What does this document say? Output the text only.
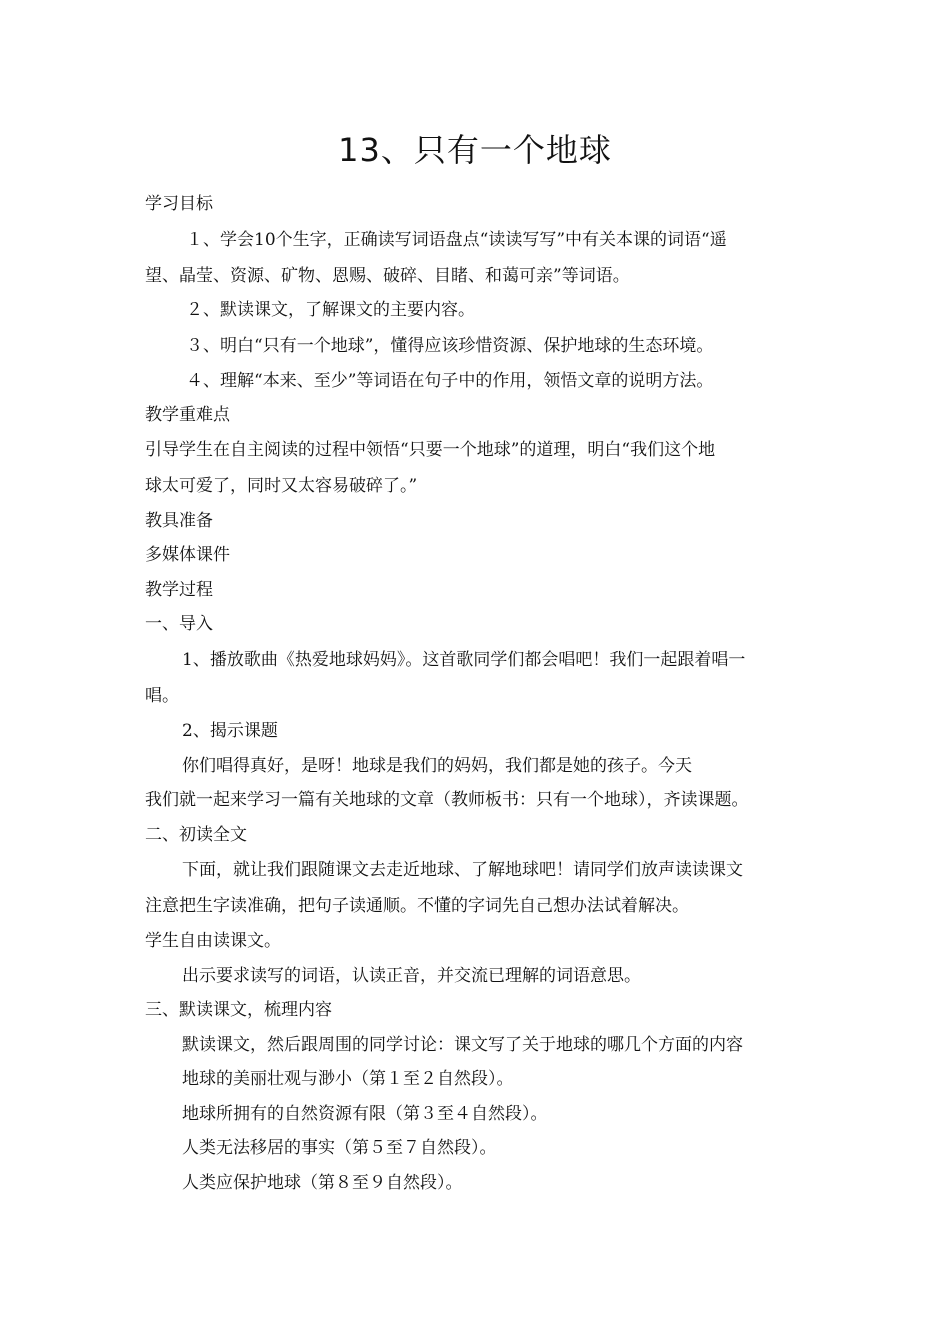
13、只有一个地球
学习目标
１、学会10个生字，正确读写词语盘点“读读写写”中有关本课的词语“遥
望、晶莹、资源、矿物、恩赐、破碎、目睹、和蔼可亲”等词语。
２、默读课文，了解课文的主要内容。
３、明白“只有一个地球”，懂得应该珍惜资源、保护地球的生态环境。
４、理解“本来、至少”等词语在句子中的作用，领悟文章的说明方法。
教学重难点
引导学生在自主阅读的过程中领悟“只要一个地球”的道理，明白“我们这个地
球太可爱了，同时又太容易破碎了。”
教具准备
多媒体课件
教学过程
一、导入
1、播放歌曲《热爱地球妈妈》。这首歌同学们都会唱吧！我们一起跟着唱一
唱。
2、揭示课题
你们唱得真好，是呀！地球是我们的妈妈，我们都是她的孩子。今天
我们就一起来学习一篇有关地球的文章（教师板书：只有一个地球），齐读课题。
二、初读全文
下面，就让我们跟随课文去走近地球、了解地球吧！请同学们放声读读课文
注意把生字读准确，把句子读通顺。不懂的字词先自己想办法试着解决。
学生自由读课文。
出示要求读写的词语，认读正音，并交流已理解的词语意思。
三、默读课文，梳理内容
默读课文，然后跟周围的同学讨论：课文写了关于地球的哪几个方面的内容
地球的美丽壮观与渺小（第１至２自然段）。
地球所拥有的自然资源有限（第３至４自然段）。
人类无法移居的事实（第５至７自然段）。
人类应保护地球（第８至９自然段）。
